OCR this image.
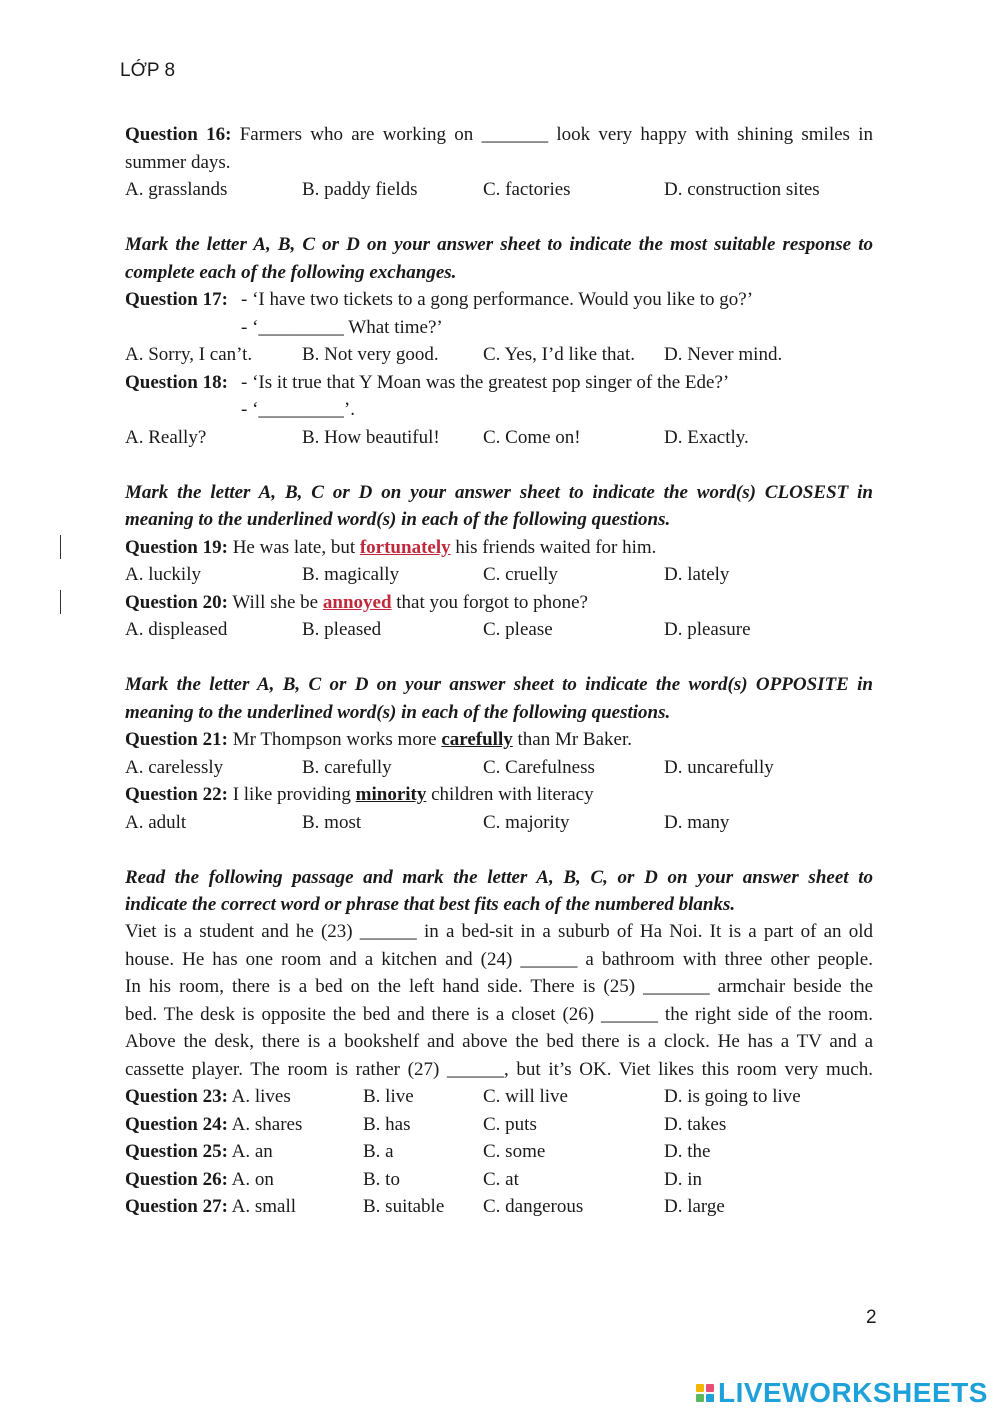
LỚP 8
Question 16: Farmers who are working on _______ look very happy with shining smiles in
summer days.
A. grasslands	B. paddy fields	C. factories	D. construction sites
Mark the letter A, B, C or D on your answer sheet to indicate the most suitable response to
complete each of the following exchanges.
Question 17: - ‘I have two tickets to a gong performance. Would you like to go?’
- ‘_________ What time?’
A. Sorry, I can’t.	B. Not very good. C. Yes, I’d like that. D. Never mind.
Question 18: - ‘Is it true that Y Moan was the greatest pop singer of the Ede?’
- ‘_________’.
A. Really?	B. How beautiful! C. Come on!	D. Exactly.
Mark the letter A, B, C or D on your answer sheet to indicate the word(s) CLOSEST in
meaning to the underlined word(s) in each of the following questions.
Question 19: He was late, but fortunately his friends waited for him.
A. luckily	B. magically	C. cruelly	D. lately
Question 20: Will she be annoyed that you forgot to phone?
A. displeased	B. pleased	C. please	D. pleasure
Mark the letter A, B, C or D on your answer sheet to indicate the word(s) OPPOSITE in
meaning to the underlined word(s) in each of the following questions.
Question 21: Mr Thompson works more carefully than Mr Baker.
A. carelessly	B. carefully	C. Carefulness	D. uncarefully
Question 22: I like providing minority children with literacy
A. adult	B. most	C. majority	D. many
Read the following passage and mark the letter A, B, C, or D on your answer sheet to
indicate the correct word or phrase that best fits each of the numbered blanks.
Viet is a student and he (23) ______ in a bed-sit in a suburb of Ha Noi. It is a part of an old
house. He has one room and a kitchen and (24) ______ a bathroom with three other people.
In his room, there is a bed on the left hand side. There is (25) _______ armchair beside the
bed. The desk is opposite the bed and there is a closet (26) ______ the right side of the room.
Above the desk, there is a bookshelf and above the bed there is a clock. He has a TV and a
cassette player. The room is rather (27) ______, but it’s OK. Viet likes this room very much.
Question 23: A. lives	B. live	C. will live	D. is going to live
Question 24: A. shares	B. has	C. puts	D. takes
Question 25: A. an	B. a	C. some	D. the
Question 26: A. on	B. to	C. at	D. in
Question 27: A. small	B. suitable C. dangerous	D. large
2
LIVEWORKSHEETS
